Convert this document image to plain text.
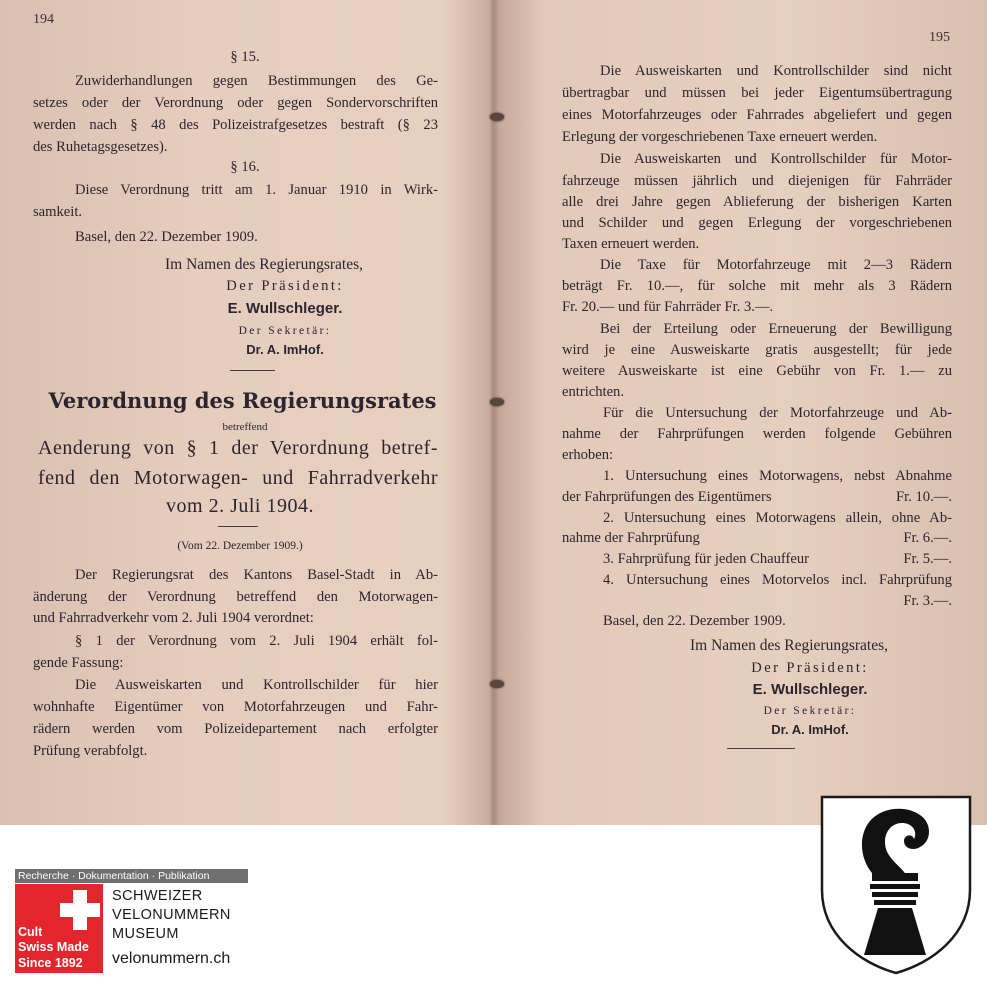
194
§ 15.
Zuwiderhandlungen gegen Bestimmungen des Ge-
setzes oder der Verordnung oder gegen Sondervorschriften
werden nach § 48 des Polizeistrafgesetzes bestraft (§ 23
des Ruhetagsgesetzes).
§ 16.
Diese Verordnung tritt am 1. Januar 1910 in Wirk-
samkeit.
Basel, den 22. Dezember 1909.
Im Namen des Regierungsrates,
Der Präsident:
E. Wullschleger.
Der Sekretär:
Dr. A. ImHof.
Verordnung des Regierungsrates
betreffend
Aenderung von § 1 der Verordnung betref-
fend den Motorwagen- und Fahrradverkehr
vom 2. Juli 1904.
(Vom 22. Dezember 1909.)
Der Regierungsrat des Kantons Basel-Stadt in Ab-
änderung der Verordnung betreffend den Motorwagen-
und Fahrradverkehr vom 2. Juli 1904 verordnet:
§ 1 der Verordnung vom 2. Juli 1904 erhält fol-
gende Fassung:
Die Ausweiskarten und Kontrollschilder für hier
wohnhafte Eigentümer von Motorfahrzeugen und Fahr-
rädern werden vom Polizeidepartement nach erfolgter
Prüfung verabfolgt.
195
Die Ausweiskarten und Kontrollschilder sind nicht
übertragbar und müssen bei jeder Eigentumsübertragung
eines Motorfahrzeuges oder Fahrrades abgeliefert und gegen
Erlegung der vorgeschriebenen Taxe erneuert werden.
Die Ausweiskarten und Kontrollschilder für Motor-
fahrzeuge müssen jährlich und diejenigen für Fahrräder
alle drei Jahre gegen Ablieferung der bisherigen Karten
und Schilder und gegen Erlegung der vorgeschriebenen
Taxen erneuert werden.
Die Taxe für Motorfahrzeuge mit 2—3 Rädern
beträgt Fr. 10.—, für solche mit mehr als 3 Rädern
Fr. 20.— und für Fahrräder Fr. 3.—.
Bei der Erteilung oder Erneuerung der Bewilligung
wird je eine Ausweiskarte gratis ausgestellt; für jede
weitere Ausweiskarte ist eine Gebühr von Fr. 1.— zu
entrichten.
Für die Untersuchung der Motorfahrzeuge und Ab-
nahme der Fahrprüfungen werden folgende Gebühren
erhoben:
1. Untersuchung eines Motorwagens, nebst Abnahme
der Fahrprüfungen des Eigentümers	Fr. 10.—.
2. Untersuchung eines Motorwagens allein, ohne Ab-
nahme der Fahrprüfung	Fr. 6.—.
3. Fahrprüfung für jeden Chauffeur	Fr. 5.—.
4. Untersuchung eines Motorvelos incl. Fahrprüfung
Fr. 3.—.
Basel, den 22. Dezember 1909.
Im Namen des Regierungsrates,
Der Präsident:
E. Wullschleger.
Der Sekretär:
Dr. A. ImHof.
Recherche · Dokumentation · Publikation
Cult
Swiss Made
Since 1892
SCHWEIZER
VELONUMMERN
MUSEUM
velonummern.ch
